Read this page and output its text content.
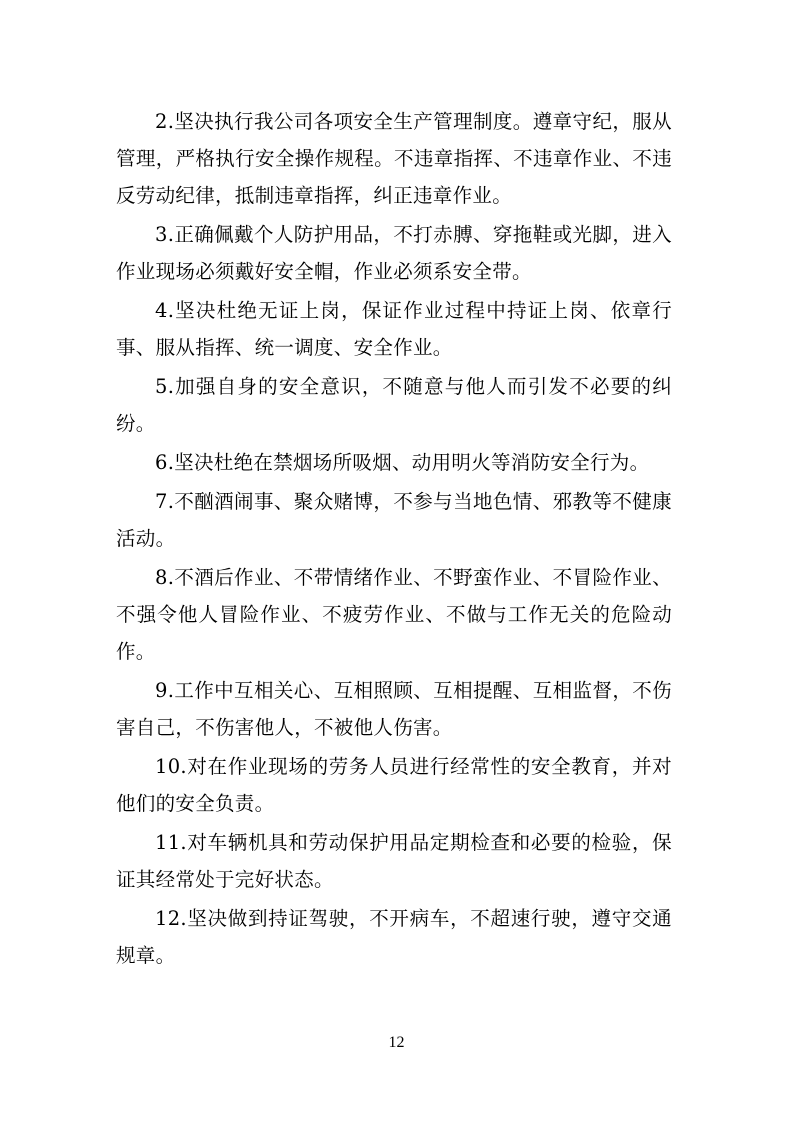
2.坚决执行我公司各项安全生产管理制度。遵章守纪，服从管理，严格执行安全操作规程。不违章指挥、不违章作业、不违反劳动纪律，抵制违章指挥，纠正违章作业。

3.正确佩戴个人防护用品，不打赤膊、穿拖鞋或光脚，进入作业现场必须戴好安全帽，作业必须系安全带。

4.坚决杜绝无证上岗，保证作业过程中持证上岗、依章行事、服从指挥、统一调度、安全作业。

5.加强自身的安全意识，不随意与他人而引发不必要的纠纷。

6.坚决杜绝在禁烟场所吸烟、动用明火等消防安全行为。

7.不酗酒闹事、聚众赌博，不参与当地色情、邪教等不健康活动。

8.不酒后作业、不带情绪作业、不野蛮作业、不冒险作业、不强令他人冒险作业、不疲劳作业、不做与工作无关的危险动作。

9.工作中互相关心、互相照顾、互相提醒、互相监督，不伤害自己，不伤害他人，不被他人伤害。

10.对在作业现场的劳务人员进行经常性的安全教育，并对他们的安全负责。

11.对车辆机具和劳动保护用品定期检查和必要的检验，保证其经常处于完好状态。

12.坚决做到持证驾驶，不开病车，不超速行驶，遵守交通规章。

12
